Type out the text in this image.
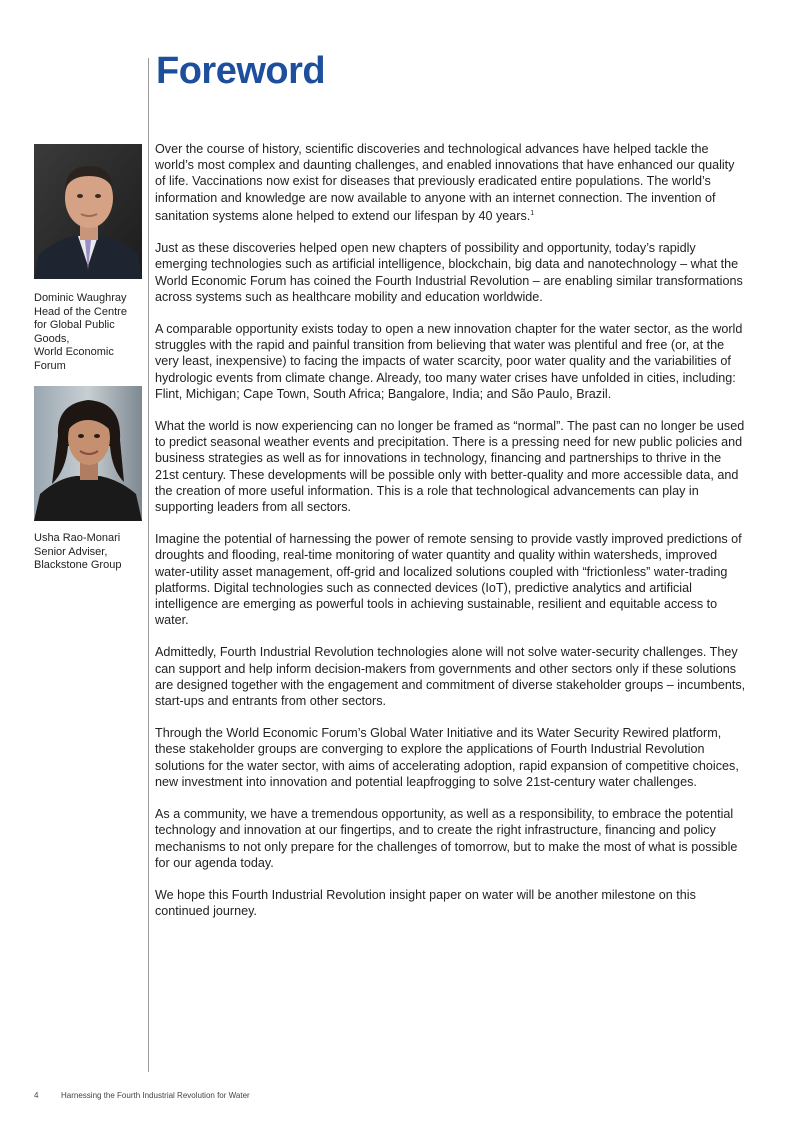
Foreword
Dominic Waughray
Head of the Centre
for Global Public
Goods,
World Economic
Forum
Usha Rao-Monari
Senior Adviser,
Blackstone Group

Over the course of history, scientific discoveries and technological advances have helped tackle the world’s most complex and daunting challenges, and enabled innovations that have enhanced our quality of life. Vaccinations now exist for diseases that previously eradicated entire populations. The world’s information and knowledge are now available to anyone with an internet connection. The invention of sanitation systems alone helped to extend our lifespan by 40 years.$^1$

Just as these discoveries helped open new chapters of possibility and opportunity, today’s rapidly emerging technologies such as artificial intelligence, blockchain, big data and nanotechnology – what the World Economic Forum has coined the Fourth Industrial Revolution – are enabling similar transformations across systems such as healthcare mobility and education worldwide.

A comparable opportunity exists today to open a new innovation chapter for the water sector, as the world struggles with the rapid and painful transition from believing that water was plentiful and free (or, at the very least, inexpensive) to facing the impacts of water scarcity, poor water quality and the variabilities of hydrologic events from climate change. Already, too many water crises have unfolded in cities, including: Flint, Michigan; Cape Town, South Africa; Bangalore, India; and São Paulo, Brazil.

What the world is now experiencing can no longer be framed as “normal”. The past can no longer be used to predict seasonal weather events and precipitation. There is a pressing need for new public policies and business strategies as well as for innovations in technology, financing and partnerships to thrive in the 21st century. These developments will be possible only with better-quality and more accessible data, and the creation of more useful information. This is a role that technological advancements can play in supporting leaders from all sectors.

Imagine the potential of harnessing the power of remote sensing to provide vastly improved predictions of droughts and flooding, real-time monitoring of water quantity and quality within watersheds, improved water-utility asset management, off-grid and localized solutions coupled with “frictionless” water-trading platforms. Digital technologies such as connected devices (IoT), predictive analytics and artificial intelligence are emerging as powerful tools in achieving sustainable, resilient and equitable access to water.

Admittedly, Fourth Industrial Revolution technologies alone will not solve water-security challenges. They can support and help inform decision-makers from governments and other sectors only if these solutions are designed together with the engagement and commitment of diverse stakeholder groups – incumbents, start-ups and entrants from other sectors.

Through the World Economic Forum’s Global Water Initiative and its Water Security Rewired platform, these stakeholder groups are converging to explore the applications of Fourth Industrial Revolution solutions for the water sector, with aims of accelerating adoption, rapid expansion of competitive choices, new investment into innovation and potential leapfrogging to solve 21st-century water challenges.

As a community, we have a tremendous opportunity, as well as a responsibility, to embrace the potential technology and innovation at our fingertips, and to create the right infrastructure, financing and policy mechanisms to not only prepare for the challenges of tomorrow, but to make the most of what is possible for our agenda today.

We hope this Fourth Industrial Revolution insight paper on water will be another milestone on this continued journey.

4	Harnessing the Fourth Industrial Revolution for Water
